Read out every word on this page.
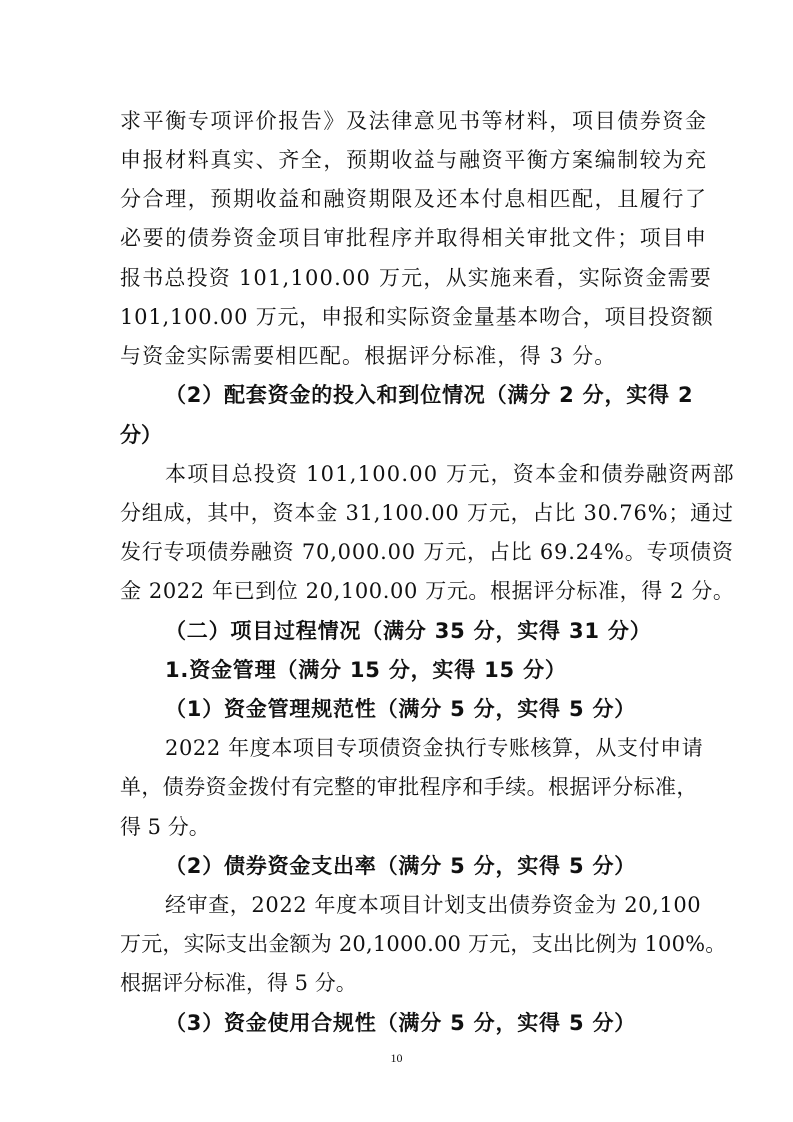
求平衡专项评价报告》及法律意见书等材料，项目债券资金
申报材料真实、齐全，预期收益与融资平衡方案编制较为充
分合理，预期收益和融资期限及还本付息相匹配，且履行了
必要的债券资金项目审批程序并取得相关审批文件；项目申
报书总投资 101,100.00 万元，从实施来看，实际资金需要
101,100.00 万元，申报和实际资金量基本吻合，项目投资额
与资金实际需要相匹配。根据评分标准，得 3 分。
（2）配套资金的投入和到位情况（满分 2 分，实得 2
分）
本项目总投资 101,100.00 万元，资本金和债券融资两部
分组成，其中，资本金 31,100.00 万元，占比 30.76%；通过
发行专项债券融资 70,000.00 万元，占比 69.24%。专项债资
金 2022 年已到位 20,100.00 万元。根据评分标准，得 2 分。
（二）项目过程情况（满分 35 分，实得 31 分）
1.资金管理（满分 15 分，实得 15 分）
（1）资金管理规范性（满分 5 分，实得 5 分）
2022 年度本项目专项债资金执行专账核算，从支付申请
单，债券资金拨付有完整的审批程序和手续。根据评分标准，
得 5 分。
（2）债券资金支出率（满分 5 分，实得 5 分）
经审查，2022 年度本项目计划支出债券资金为 20,100
万元，实际支出金额为 20,1000.00 万元，支出比例为 100%。
根据评分标准，得 5 分。
（3）资金使用合规性（满分 5 分，实得 5 分）
10
